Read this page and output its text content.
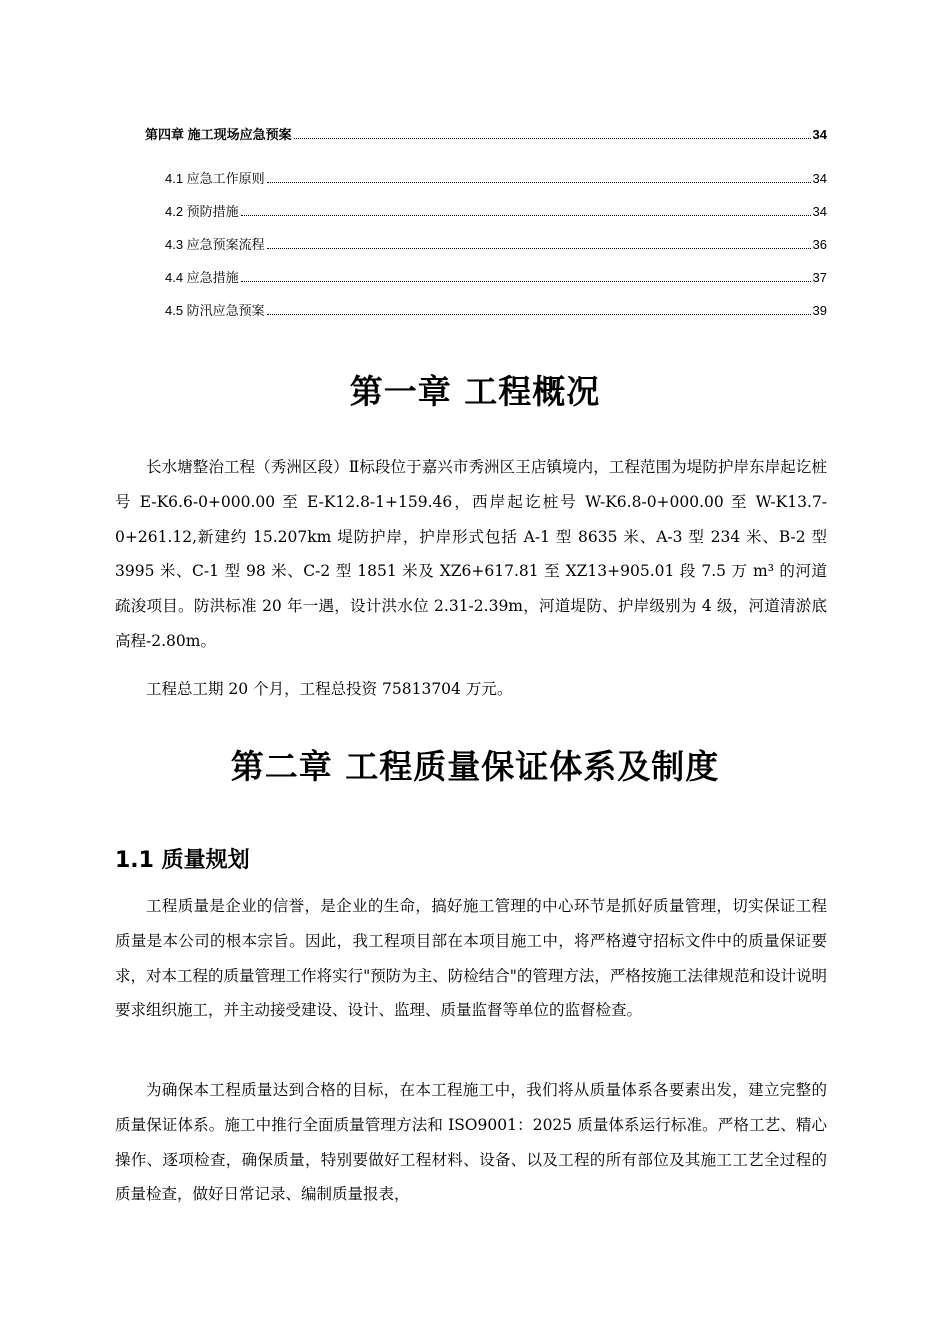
第四章 施工现场应急预案	34
4.1 应急工作原则	34
4.2 预防措施	34
4.3 应急预案流程	36
4.4 应急措施	37
4.5 防汛应急预案	39
第一章 工程概况

长水塘整治工程（秀洲区段）Ⅱ标段位于嘉兴市秀洲区王店镇境内，工程范围为堤防护岸东岸起讫桩号 E-K6.6-0+000.00 至 E-K12.8-1+159.46，西岸起讫桩号 W-K6.8-0+000.00 至 W-K13.7-0+261.12,新建约 15.207km 堤防护岸，护岸形式包括 A-1 型 8635 米、A-3 型 234 米、B-2 型 3995 米、C-1 型 98 米、C-2 型 1851 米及 XZ6+617.81 至 XZ13+905.01 段 7.5 万 m³ 的河道疏浚项目。防洪标准 20 年一遇，设计洪水位 2.31-2.39m，河道堤防、护岸级别为 4 级，河道清淤底高程-2.80m。

工程总工期 20 个月，工程总投资 75813704 万元。

第二章 工程质量保证体系及制度
1.1 质量规划

工程质量是企业的信誉，是企业的生命，搞好施工管理的中心环节是抓好质量管理，切实保证工程质量是本公司的根本宗旨。因此，我工程项目部在本项目施工中，将严格遵守招标文件中的质量保证要求，对本工程的质量管理工作将实行"预防为主、防检结合"的管理方法，严格按施工法律规范和设计说明要求组织施工，并主动接受建设、设计、监理、质量监督等单位的监督检查。

为确保本工程质量达到合格的目标，在本工程施工中，我们将从质量体系各要素出发，建立完整的质量保证体系。施工中推行全面质量管理方法和 ISO9001：2025 质量体系运行标准。严格工艺、精心操作、逐项检查，确保质量，特别要做好工程材料、设备、以及工程的所有部位及其施工工艺全过程的质量检查，做好日常记录、编制质量报表，
